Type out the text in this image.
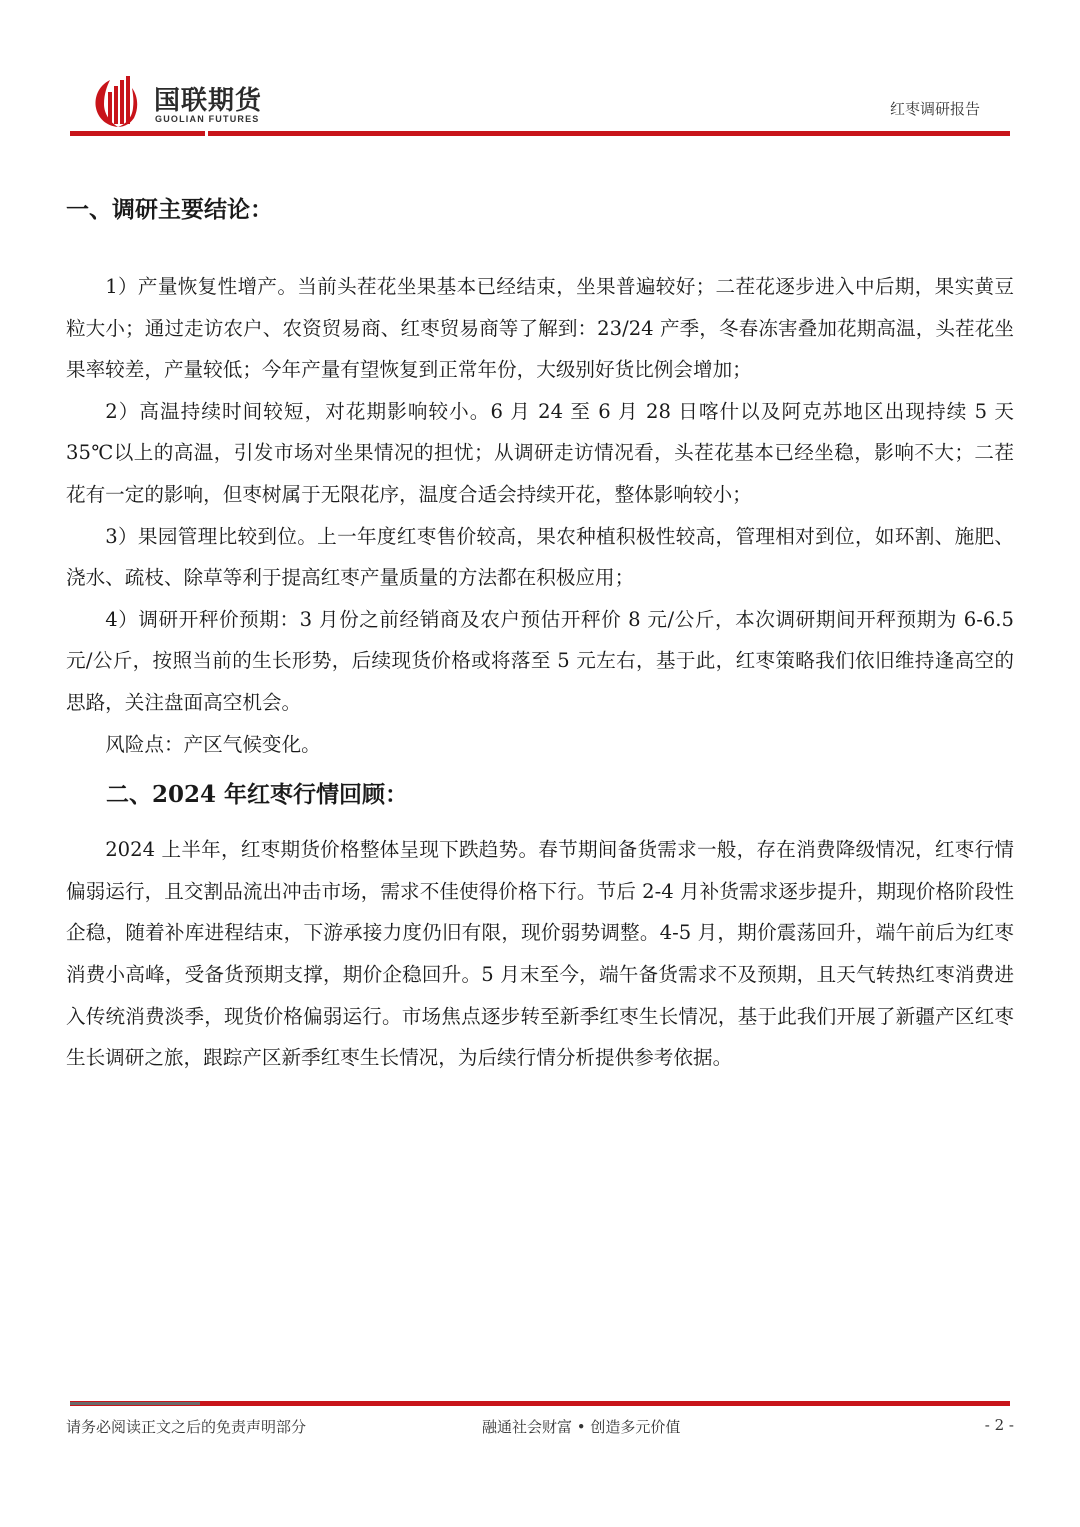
国联期货
GUOLIAN FUTURES
红枣调研报告
一、调研主要结论：

1）产量恢复性增产。当前头茬花坐果基本已经结束，坐果普遍较好；二茬花逐步进入中后期，果实黄豆粒大小；通过走访农户、农资贸易商、红枣贸易商等了解到：23/24 产季，冬春冻害叠加花期高温，头茬花坐果率较差，产量较低；今年产量有望恢复到正常年份，大级别好货比例会增加；

2）高温持续时间较短，对花期影响较小。6 月 24 至 6 月 28 日喀什以及阿克苏地区出现持续 5 天 35℃以上的高温，引发市场对坐果情况的担忧；从调研走访情况看，头茬花基本已经坐稳，影响不大；二茬花有一定的影响，但枣树属于无限花序，温度合适会持续开花，整体影响较小；

3）果园管理比较到位。上一年度红枣售价较高，果农种植积极性较高，管理相对到位，如环割、施肥、浇水、疏枝、除草等利于提高红枣产量质量的方法都在积极应用；

4）调研开秤价预期：3 月份之前经销商及农户预估开秤价 8 元/公斤，本次调研期间开秤预期为 6-6.5 元/公斤，按照当前的生长形势，后续现货价格或将落至 5 元左右，基于此，红枣策略我们依旧维持逢高空的思路，关注盘面高空机会。

风险点：产区气候变化。

二、2024 年红枣行情回顾：

2024 上半年，红枣期货价格整体呈现下跌趋势。春节期间备货需求一般，存在消费降级情况，红枣行情偏弱运行，且交割品流出冲击市场，需求不佳使得价格下行。节后 2-4 月补货需求逐步提升，期现价格阶段性企稳，随着补库进程结束，下游承接力度仍旧有限，现价弱势调整。4-5 月，期价震荡回升，端午前后为红枣消费小高峰，受备货预期支撑，期价企稳回升。5 月末至今，端午备货需求不及预期，且天气转热红枣消费进入传统消费淡季，现货价格偏弱运行。市场焦点逐步转至新季红枣生长情况，基于此我们开展了新疆产区红枣生长调研之旅，跟踪产区新季红枣生长情况，为后续行情分析提供参考依据。

请务必阅读正文之后的免责声明部分	融通社会财富 • 创造多元价值	- 2 -
